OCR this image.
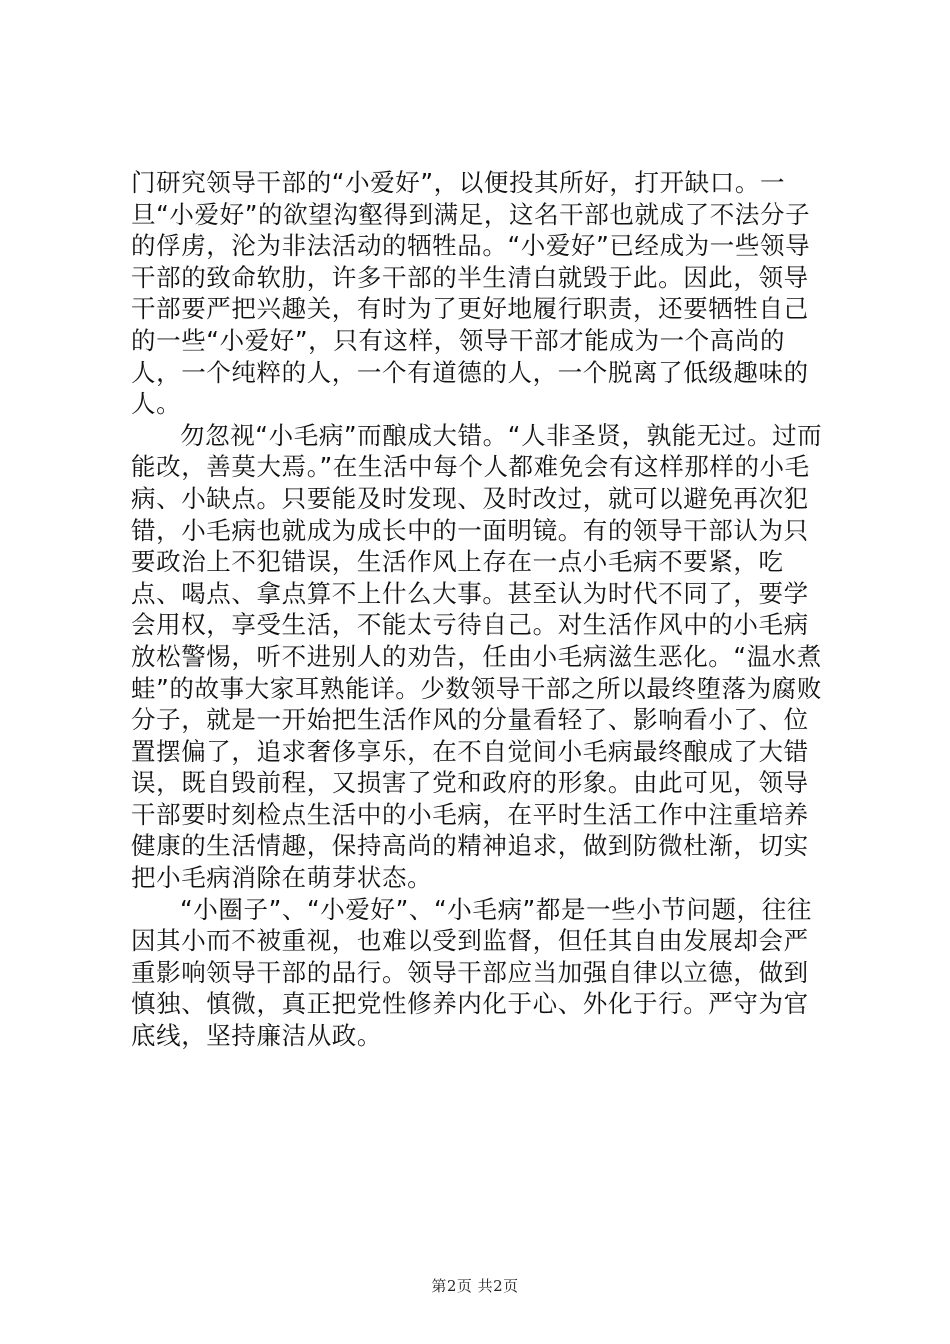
门研究领导干部的“小爱好”，以便投其所好，打开缺口。一旦“小爱好”的欲望沟壑得到满足，这名干部也就成了不法分子的俘虏，沦为非法活动的牺牲品。“小爱好”已经成为一些领导干部的致命软肋，许多干部的半生清白就毁于此。因此，领导干部要严把兴趣关，有时为了更好地履行职责，还要牺牲自己的一些“小爱好”，只有这样，领导干部才能成为一个高尚的人，一个纯粹的人，一个有道德的人，一个脱离了低级趣味的人。

勿忽视“小毛病”而酿成大错。“人非圣贤，孰能无过。过而能改，善莫大焉。”在生活中每个人都难免会有这样那样的小毛病、小缺点。只要能及时发现、及时改过，就可以避免再次犯错，小毛病也就成为成长中的一面明镜。有的领导干部认为只要政治上不犯错误，生活作风上存在一点小毛病不要紧，吃点、喝点、拿点算不上什么大事。甚至认为时代不同了，要学会用权，享受生活，不能太亏待自己。对生活作风中的小毛病放松警惕，听不进别人的劝告，任由小毛病滋生恶化。“温水煮蛙”的故事大家耳熟能详。少数领导干部之所以最终堕落为腐败分子，就是一开始把生活作风的分量看轻了、影响看小了、位置摆偏了，追求奢侈享乐，在不自觉间小毛病最终酿成了大错误，既自毁前程，又损害了党和政府的形象。由此可见，领导干部要时刻检点生活中的小毛病，在平时生活工作中注重培养健康的生活情趣，保持高尚的精神追求，做到防微杜渐，切实把小毛病消除在萌芽状态。

“小圈子”、“小爱好”、“小毛病”都是一些小节问题，往往因其小而不被重视，也难以受到监督，但任其自由发展却会严重影响领导干部的品行。领导干部应当加强自律以立德，做到慎独、慎微，真正把党性修养内化于心、外化于行。严守为官底线，坚持廉洁从政。

第2页 共2页
